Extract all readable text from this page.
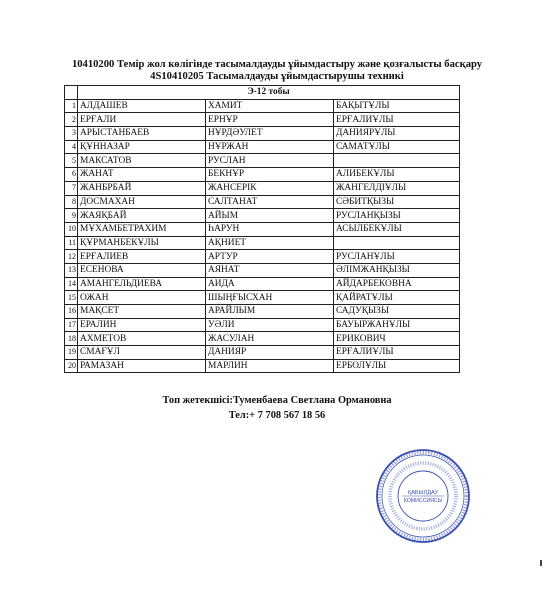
10410200 Темір жол көлігінде тасымалдауды ұйымдастыру және қозғалысты басқару
4S10410205 Тасымалдауды ұйымдастырушы техникі
	Э-12 тобы		
1	АЛДАШЕВ	ХАМИТ	БАҚЫТҰЛЫ
2	ЕРҒАЛИ	ЕРНҰР	ЕРҒАЛИҰЛЫ
3	АРЫСТАНБАЕВ	НҰРДӘУЛЕТ	ДАНИЯРҰЛЫ
4	ҚҰННАЗАР	НҰРЖАН	САМАТҰЛЫ
5	МАКСАТОВ	РУСЛАН	
6	ЖАНАТ	БЕКНҰР	АЛИБЕКҰЛЫ
7	ЖАНБРБАЙ	ЖАНСЕРІК	ЖАНГЕЛДІҰЛЫ
8	ДОСМАХАН	САЛТАНАТ	СӘБИТҚЫЗЫ
9	ЖАЯҚБАЙ	АЙЫМ	РУСЛАНҚЫЗЫ
10	МҰХАМБЕТРАХИМ	ҺАРУН	АСЫЛБЕКҰЛЫ
11	ҚҰРМАНБЕКҰЛЫ	АҚНИЕТ	
12	ЕРҒАЛИЕВ	АРТУР	РУСЛАНҰЛЫ
13	ЕСЕНОВА	АЯНАТ	ӘЛІМЖАНҚЫЗЫ
14	АМАНГЕЛЬДИЕВА	АИДА	АЙДАРБЕКОВНА
15	ОЖАН	ШЫҢҒЫСХАН	ҚАЙРАТҰЛЫ
16	МАҚСЕТ	АРАЙЛЫМ	САДУҚЫЗЫ
17	ЕРАЛИН	УӘЛИ	БАУЫРЖАНҰЛЫ
18	АХМЕТОВ	ЖАСУЛАН	ЕРИКОВИЧ
19	СМАҒҰЛ	ДАНИЯР	ЕРҒАЛИҰЛЫ
20	РАМАЗАН	МАРЛИН	ЕРБОЛҰЛЫ
Топ жетекшісі:Туменбаева Светлана Ормановна
Тел:+ 7 708 567 18 56
ҚАБЫЛДАУ
КОМИССИЯСЫ
